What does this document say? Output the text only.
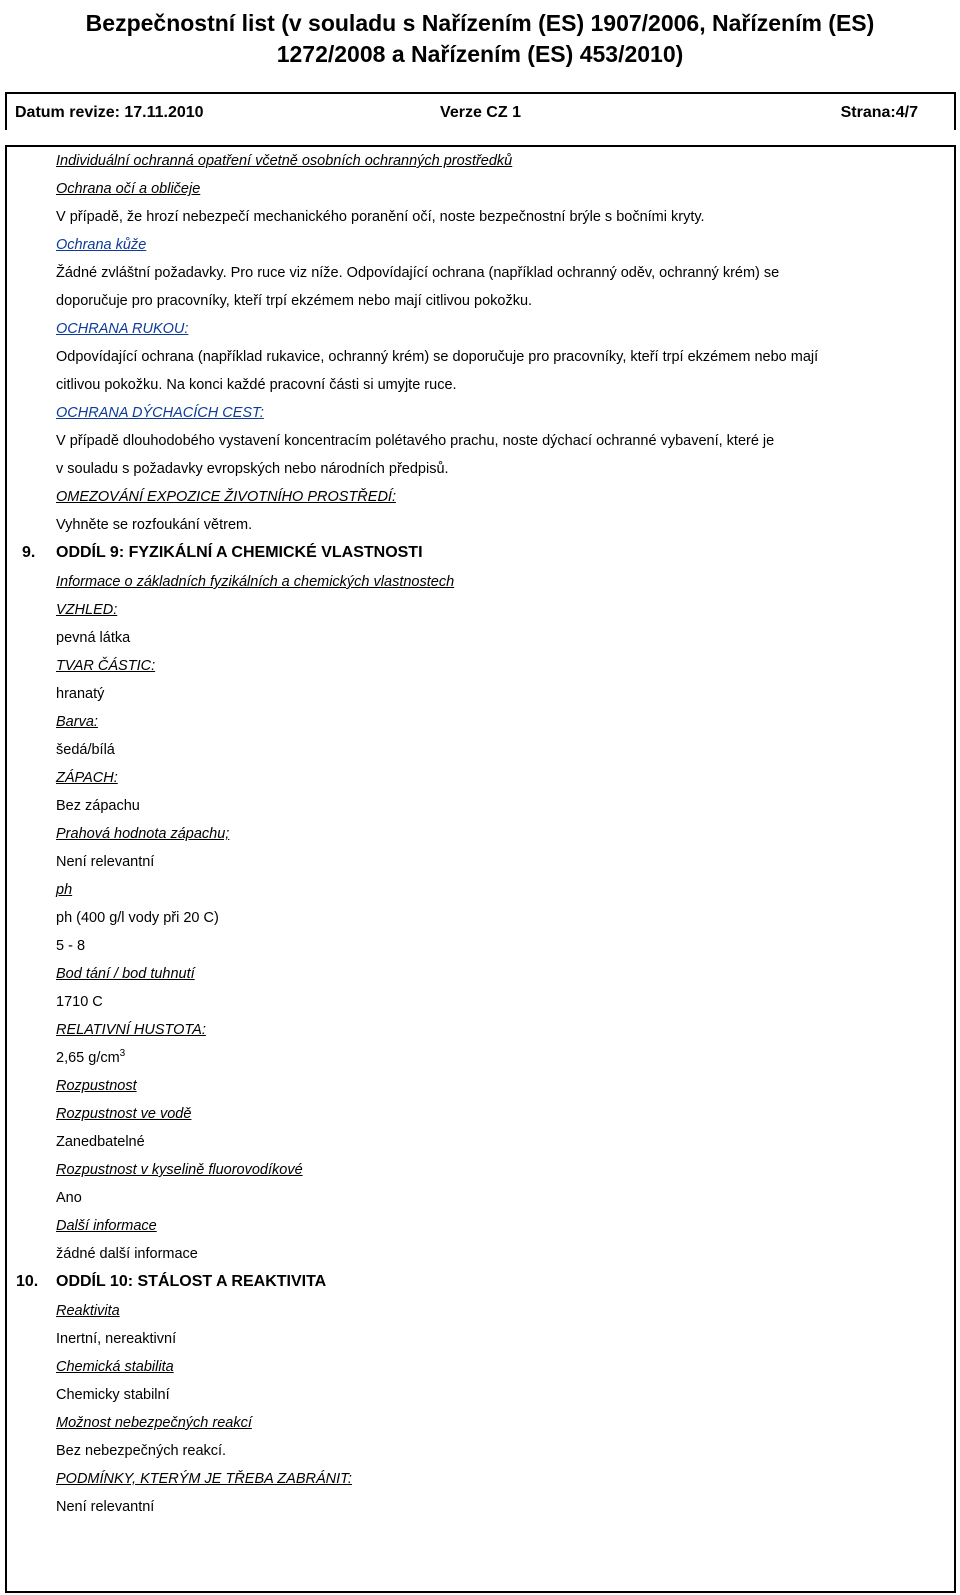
Bezpečnostní list (v souladu s Nařízením (ES) 1907/2006, Nařízením (ES)
1272/2008 a Nařízením (ES) 453/2010)
Verze CZ 1
Datum revize: 17.11.2010	Strana:4/7
Individuální ochranná opatření včetně osobních ochranných prostředků
Ochrana očí a obličeje
V případě, že hrozí nebezpečí mechanického poranění očí, noste bezpečnostní brýle s bočními kryty.
Ochrana kůže
Žádné zvláštní požadavky. Pro ruce viz níže. Odpovídající ochrana (například ochranný oděv, ochranný krém) se
doporučuje pro pracovníky, kteří trpí ekzémem nebo mají citlivou pokožku.
OCHRANA RUKOU:
Odpovídající ochrana (například rukavice, ochranný krém) se doporučuje pro pracovníky, kteří trpí ekzémem nebo mají
citlivou pokožku. Na konci každé pracovní části si umyjte ruce.
OCHRANA DÝCHACÍCH CEST:
V případě dlouhodobého vystavení koncentracím polétavého prachu, noste dýchací ochranné vybavení, které je
v souladu s požadavky evropských nebo národních předpisů.
OMEZOVÁNÍ EXPOZICE ŽIVOTNÍHO PROSTŘEDÍ:
Vyhněte se rozfoukání větrem.
9. ODDÍL 9: FYZIKÁLNÍ A CHEMICKÉ VLASTNOSTI
Informace o základních fyzikálních a chemických vlastnostech
VZHLED:
pevná látka
TVAR ČÁSTIC:
hranatý
Barva:
šedá/bílá
ZÁPACH:
Bez zápachu
Prahová hodnota zápachu;
Není relevantní
ph
ph (400 g/l vody při 20 C)
5 - 8
Bod tání / bod tuhnutí
1710 C
RELATIVNÍ HUSTOTA:
2,65 $g/cm^3$
Rozpustnost
Rozpustnost ve vodě
Zanedbatelné
Rozpustnost v kyselině fluorovodíkové
Ano
Další informace
žádné další informace
10. ODDÍL 10: STÁLOST A REAKTIVITA
Reaktivita
Inertní, nereaktivní
Chemická stabilita
Chemicky stabilní
Možnost nebezpečných reakcí
Bez nebezpečných reakcí.
PODMÍNKY, KTERÝM JE TŘEBA ZABRÁNIT:
Není relevantní
